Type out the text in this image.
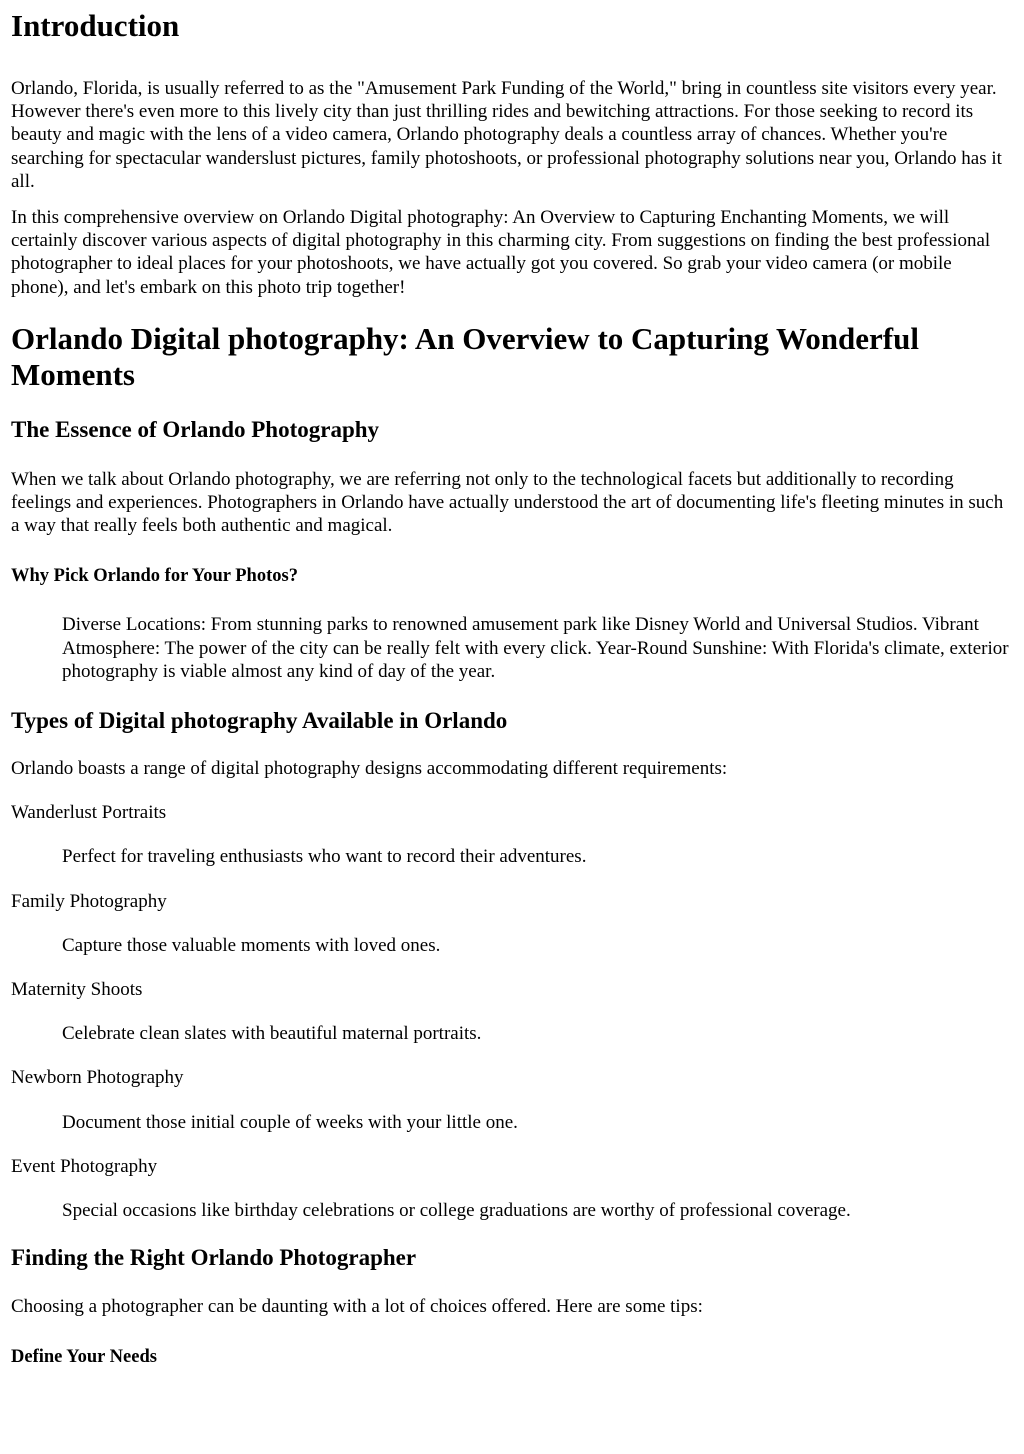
Introduction

Orlando, Florida, is usually referred to as the "Amusement Park Funding of the World," bring in countless site visitors every year. However there's even more to this lively city than just thrilling rides and bewitching attractions. For those seeking to record its beauty and magic with the lens of a video camera, Orlando photography deals a countless array of chances. Whether you're searching for spectacular wanderslust pictures, family photoshoots, or professional photography solutions near you, Orlando has it all.

In this comprehensive overview on Orlando Digital photography: An Overview to Capturing Enchanting Moments, we will certainly discover various aspects of digital photography in this charming city. From suggestions on finding the best professional photographer to ideal places for your photoshoots, we have actually got you covered. So grab your video camera (or mobile phone), and let's embark on this photo trip together!

Orlando Digital photography: An Overview to Capturing Wonderful Moments
The Essence of Orlando Photography

When we talk about Orlando photography, we are referring not only to the technological facets but additionally to recording feelings and experiences. Photographers in Orlando have actually understood the art of documenting life's fleeting minutes in such a way that really feels both authentic and magical.

Why Pick Orlando for Your Photos?
Diverse Locations: From stunning parks to renowned amusement park like Disney World and Universal Studios. Vibrant Atmosphere: The power of the city can be really felt with every click. Year-Round Sunshine: With Florida's climate, exterior photography is viable almost any kind of day of the year.
Types of Digital photography Available in Orlando

Orlando boasts a range of digital photography designs accommodating different requirements:

Wanderlust Portraits

Perfect for traveling enthusiasts who want to record their adventures.

Family Photography

Capture those valuable moments with loved ones.

Maternity Shoots

Celebrate clean slates with beautiful maternal portraits.

Newborn Photography

Document those initial couple of weeks with your little one.

Event Photography

Special occasions like birthday celebrations or college graduations are worthy of professional coverage.
Finding the Right Orlando Photographer

Choosing a photographer can be daunting with a lot of choices offered. Here are some tips:

Define Your Needs
